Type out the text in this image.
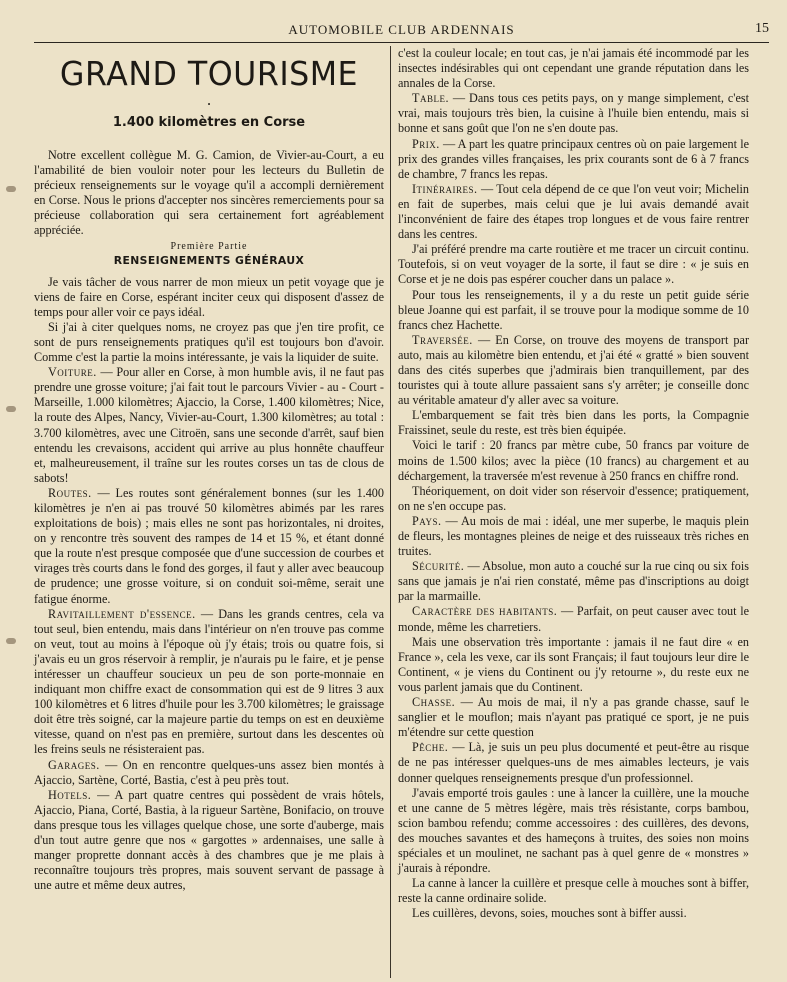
AUTOMOBILE CLUB ARDENNAIS	15
GRAND TOURISME
•
1.400 kilomètres en Corse

Notre excellent collègue M. G. Camion, de Vivier-au-Court, a eu l'amabilité de bien vouloir noter pour les lecteurs du Bulletin de précieux renseignements sur le voyage qu'il a accompli dernièrement en Corse. Nous le prions d'accepter nos sincères remerciements pour sa précieuse collaboration qui sera certainement fort agréablement appréciée.

Première Partie
RENSEIGNEMENTS GÉNÉRAUX

Je vais tâcher de vous narrer de mon mieux un petit voyage que je viens de faire en Corse, espérant inciter ceux qui disposent d'assez de temps pour aller voir ce pays idéal.

Si j'ai à citer quelques noms, ne croyez pas que j'en tire profit, ce sont de purs renseignements pratiques qu'il est toujours bon d'avoir. Comme c'est la partie la moins intéressante, je vais la liquider de suite.

Voiture. — Pour aller en Corse, à mon humble avis, il ne faut pas prendre une grosse voiture; j'ai fait tout le parcours Vivier - au - Court - Marseille, 1.000 kilomètres; Ajaccio, la Corse, 1.400 kilomètres; Nice, la route des Alpes, Nancy, Vivier-au-Court, 1.300 kilomètres; au total : 3.700 kilomètres, avec une Citroën, sans une seconde d'arrêt, sauf bien entendu les crevaisons, accident qui arrive au plus honnête chauffeur et, malheureusement, il traîne sur les routes corses un tas de clous de sabots!

Routes. — Les routes sont généralement bonnes (sur les 1.400 kilomètres je n'en ai pas trouvé 50 kilomètres abimés par les rares exploitations de bois) ; mais elles ne sont pas horizontales, ni droites, on y rencontre très souvent des rampes de 14 et 15 %, et étant donné que la route n'est presque composée que d'une succession de courbes et virages très courts dans le fond des gorges, il faut y aller avec beaucoup de prudence; une grosse voiture, si on conduit soi-même, serait une fatigue énorme.

Ravitaillement d'essence. — Dans les grands centres, cela va tout seul, bien entendu, mais dans l'intérieur on n'en trouve pas comme on veut, tout au moins à l'époque où j'y étais; trois ou quatre fois, si j'avais eu un gros réservoir à remplir, je n'aurais pu le faire, et je pense intéresser un chauffeur soucieux un peu de son porte-monnaie en indiquant mon chiffre exact de consommation qui est de 9 litres 3 aux 100 kilomètres et 6 litres d'huile pour les 3.700 kilomètres; le graissage doit être très soigné, car la majeure partie du temps on est en deuxième vitesse, quand on n'est pas en première, surtout dans les descentes où les freins seuls ne résisteraient pas.

Garages. — On en rencontre quelques-uns assez bien montés à Ajaccio, Sartène, Corté, Bastia, c'est à peu près tout.

Hotels. — A part quatre centres qui possèdent de vrais hôtels, Ajaccio, Piana, Corté, Bastia, à la rigueur Sartène, Bonifacio, on trouve dans presque tous les villages quelque chose, une sorte d'auberge, mais d'un tout autre genre que nos « gargottes » ardennaises, une salle à manger proprette donnant accès à des chambres que je me plais à reconnaître toujours très propres, mais souvent servant de passage à une autre et même deux autres,

c'est la couleur locale; en tout cas, je n'ai jamais été incommodé par les insectes indésirables qui ont cependant une grande réputation dans les annales de la Corse.

Table. — Dans tous ces petits pays, on y mange simplement, c'est vrai, mais toujours très bien, la cuisine à l'huile bien entendu, mais si bonne et sans goût que l'on ne s'en doute pas.

Prix. — A part les quatre principaux centres où on paie largement le prix des grandes villes françaises, les prix courants sont de 6 à 7 francs de chambre, 7 francs les repas.

Itinéraires. — Tout cela dépend de ce que l'on veut voir; Michelin en fait de superbes, mais celui que je lui avais demandé avait l'inconvénient de faire des étapes trop longues et de vous faire rentrer dans les centres.

J'ai préféré prendre ma carte routière et me tracer un circuit continu. Toutefois, si on veut voyager de la sorte, il faut se dire : « je suis en Corse et je ne dois pas espérer coucher dans un palace ».

Pour tous les renseignements, il y a du reste un petit guide série bleue Joanne qui est parfait, il se trouve pour la modique somme de 10 francs chez Hachette.

Traversée. — En Corse, on trouve des moyens de transport par auto, mais au kilomètre bien entendu, et j'ai été « gratté » bien souvent dans des cités superbes que j'admirais bien tranquillement, par des touristes qui à toute allure passaient sans s'y arrêter; je conseille donc au véritable amateur d'y aller avec sa voiture.

L'embarquement se fait très bien dans les ports, la Compagnie Fraissinet, seule du reste, est très bien équipée.

Voici le tarif : 20 francs par mètre cube, 50 francs par voiture de moins de 1.500 kilos; avec la pièce (10 francs) au chargement et au déchargement, la traversée m'est revenue à 250 francs en chiffre rond.

Théoriquement, on doit vider son réservoir d'essence; pratiquement, on ne s'en occupe pas.

Pays. — Au mois de mai : idéal, une mer superbe, le maquis plein de fleurs, les montagnes pleines de neige et des ruisseaux très riches en truites.

Sécurité. — Absolue, mon auto a couché sur la rue cinq ou six fois sans que jamais je n'ai rien constaté, même pas d'inscriptions au doigt par la marmaille.

Caractère des habitants. — Parfait, on peut causer avec tout le monde, même les charretiers.

Mais une observation très importante : jamais il ne faut dire « en France », cela les vexe, car ils sont Français; il faut toujours leur dire le Continent, « je viens du Continent ou j'y retourne », du reste eux ne vous parlent jamais que du Continent.

Chasse. — Au mois de mai, il n'y a pas grande chasse, sauf le sanglier et le mouflon; mais n'ayant pas pratiqué ce sport, je ne puis m'étendre sur cette question

Pêche. — Là, je suis un peu plus documenté et peut-être au risque de ne pas intéresser quelques-uns de mes aimables lecteurs, je vais donner quelques renseignements presque d'un professionnel.

J'avais emporté trois gaules : une à lancer la cuillère, une la mouche et une canne de 5 mètres légère, mais très résistante, corps bambou, scion bambou refendu; comme accessoires : des cuillères, des devons, des mouches savantes et des hameçons à truites, des soies non moins spéciales et un moulinet, ne sachant pas à quel genre de « monstres » j'aurais à répondre.

La canne à lancer la cuillère et presque celle à mouches sont à biffer, reste la canne ordinaire solide.

Les cuillères, devons, soies, mouches sont à biffer aussi.
